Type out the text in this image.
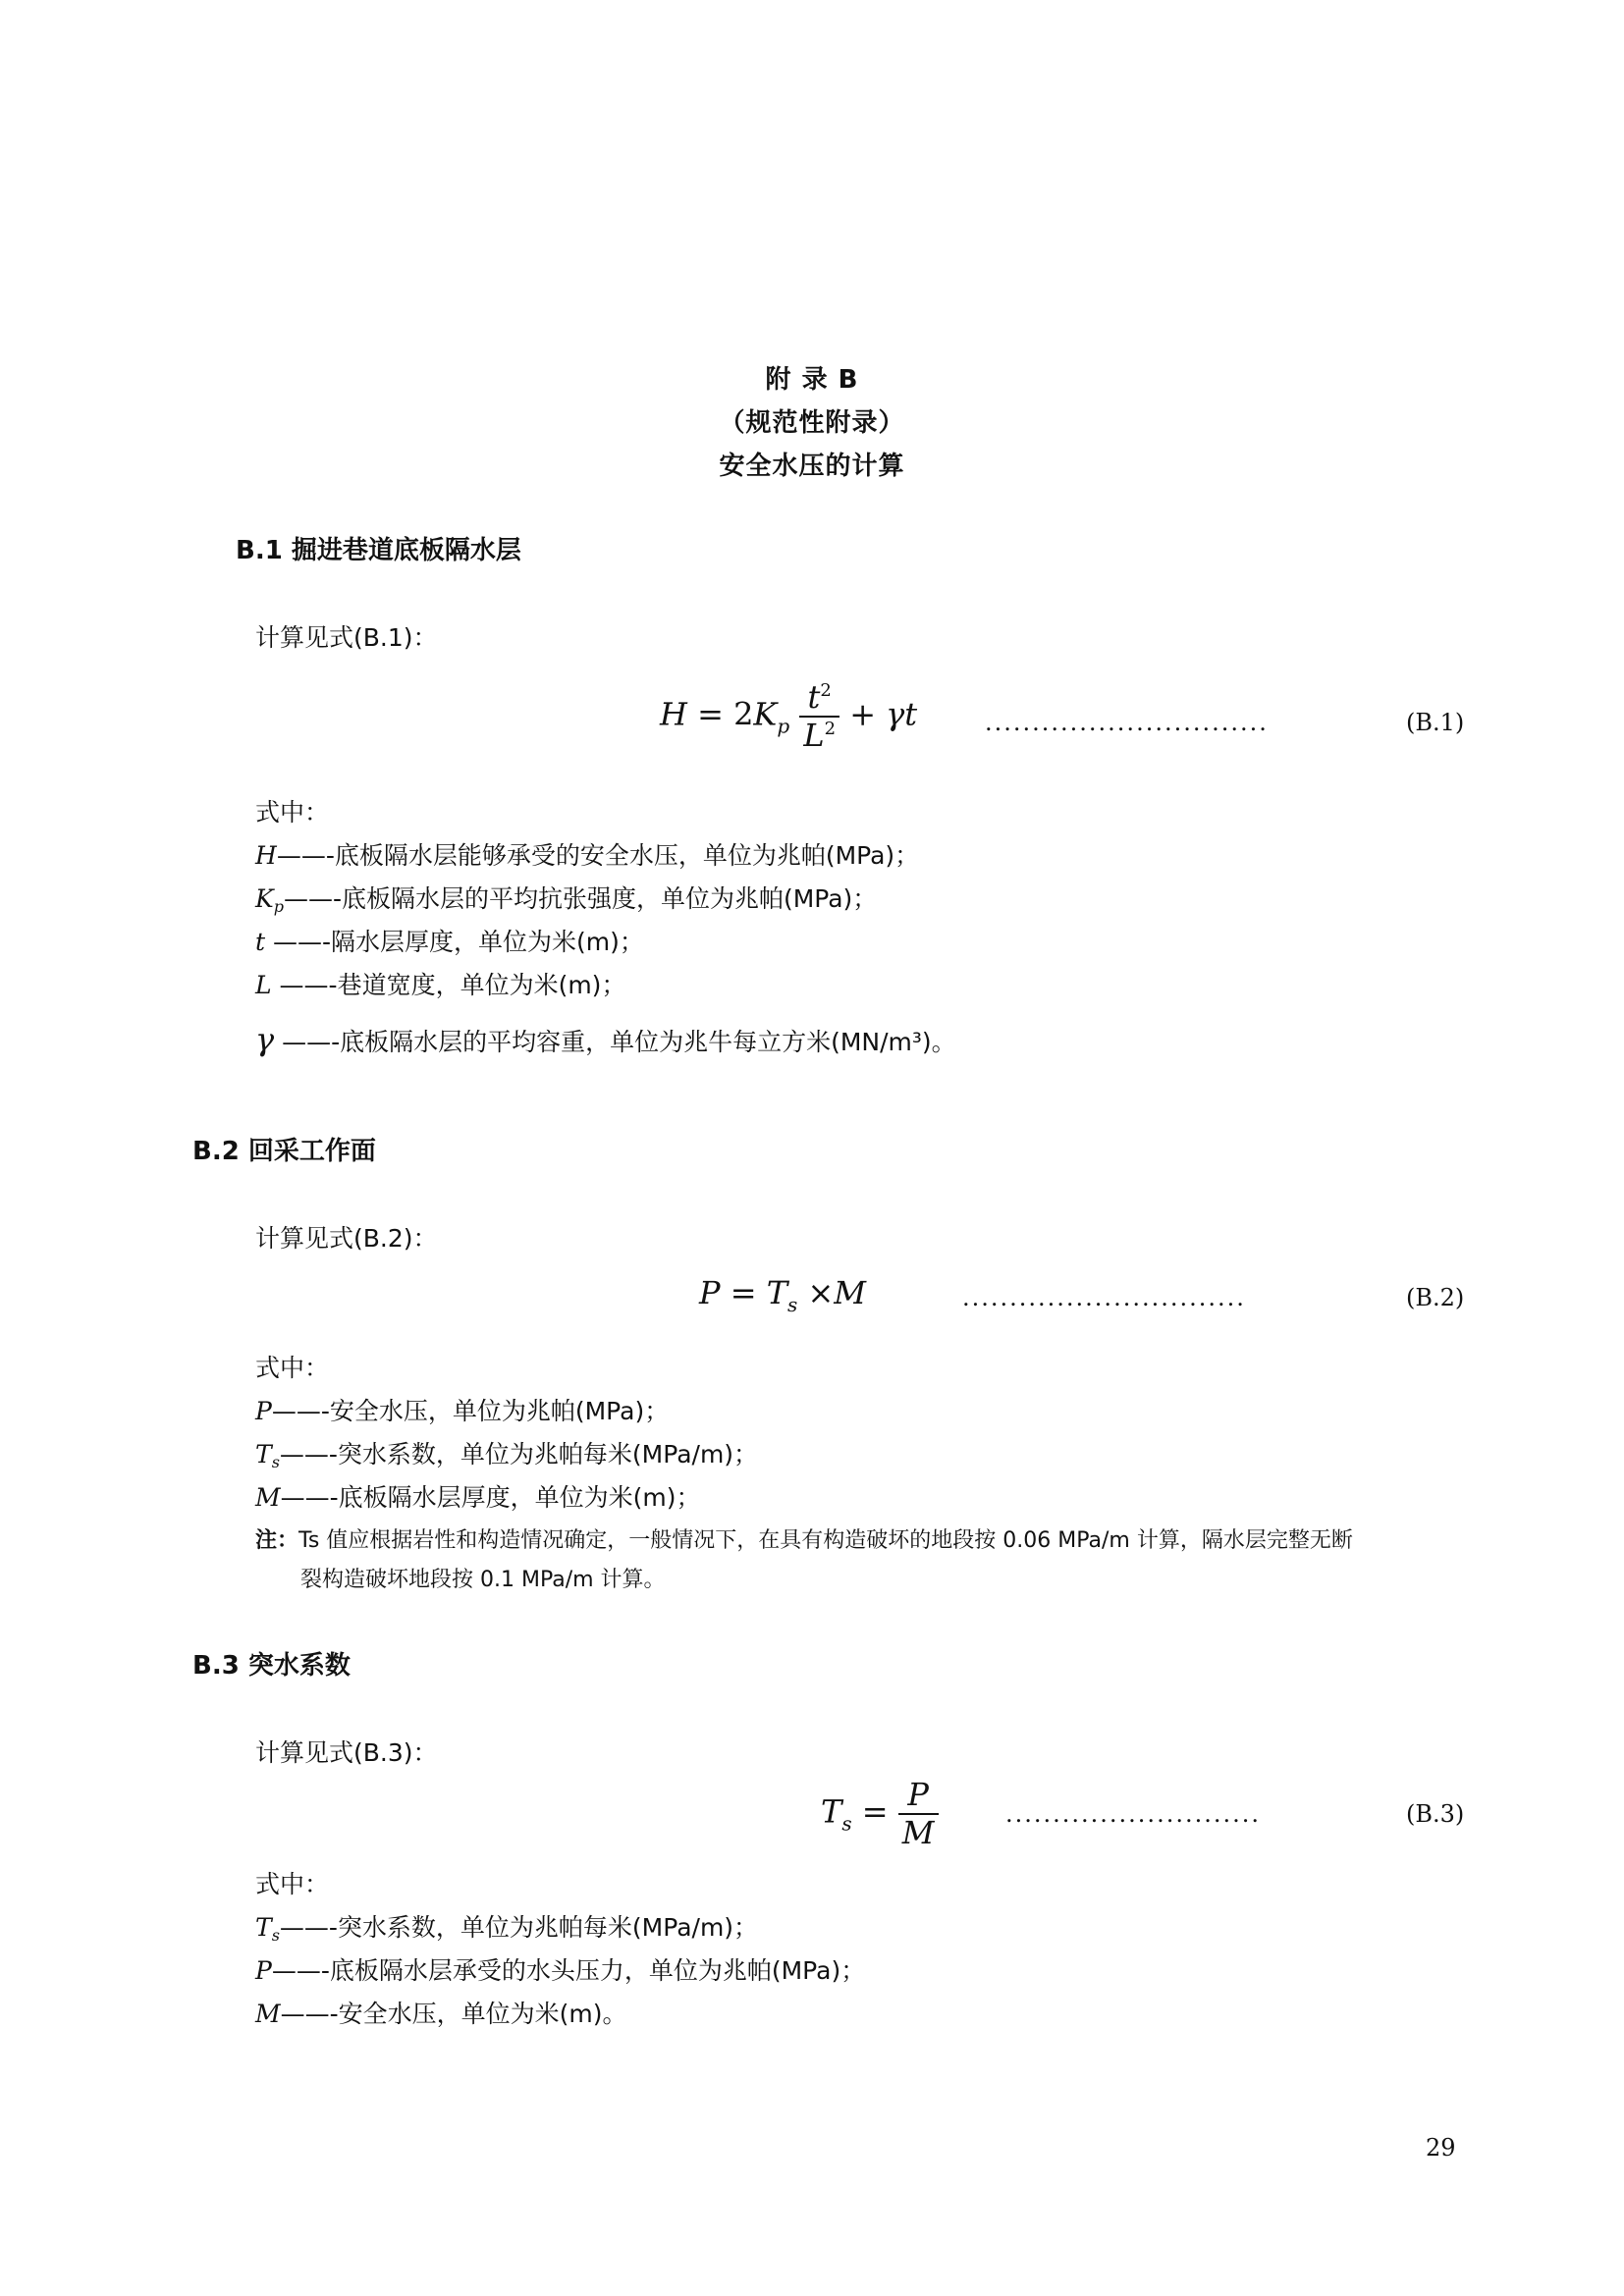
附 录 B
（规范性附录）
安全水压的计算
B.1 掘进巷道底板隔水层
计算见式(B.1)：
$H = 2K_p \frac{t^2}{L^2} + \gamma t$	..............................	(B.1)
式中：
H——-底板隔水层能够承受的安全水压，单位为兆帕(MPa)；
$K_p——-$底板隔水层的平均抗张强度，单位为兆帕(MPa)；
t ——-隔水层厚度，单位为米(m)；
L ——-巷道宽度，单位为米(m)；
γ ——-底板隔水层的平均容重，单位为兆牛每立方米(MN/m³)。
B.2 回采工作面
计算见式(B.2)：
$P = T_s \times M$	..............................	(B.2)
式中：
P——-安全水压，单位为兆帕(MPa)；
$T_s——-$突水系数，单位为兆帕每米(MPa/m)；
M——-底板隔水层厚度，单位为米(m)；
注：Ts 值应根据岩性和构造情况确定，一般情况下，在具有构造破坏的地段按 0.06 MPa/m 计算，隔水层完整无断
裂构造破坏地段按 0.1 MPa/m 计算。
B.3 突水系数
计算见式(B.3)：
$T_s = \frac{P}{M}$	...........................	(B.3)
式中：
$T_s——-$突水系数，单位为兆帕每米(MPa/m)；
P——-底板隔水层承受的水头压力，单位为兆帕(MPa)；
M——-安全水压，单位为米(m)。
29
